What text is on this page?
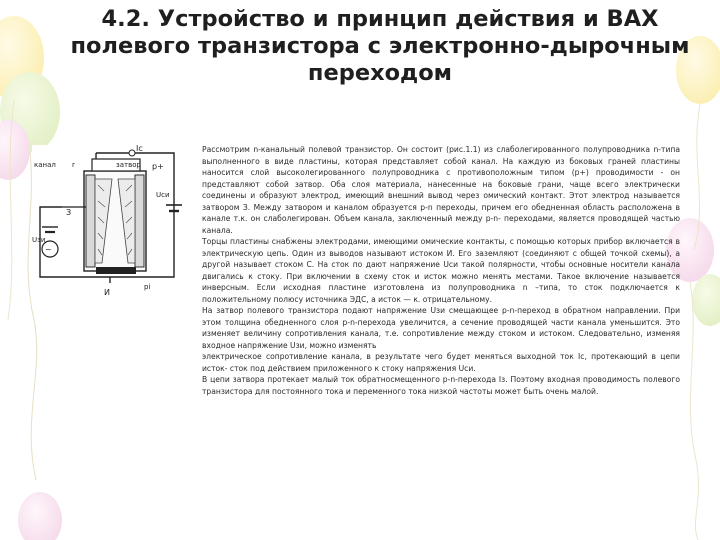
4.2. Устройство и принцип действия и ВАХ
полевого транзистора с электронно-дырочным
переходом
~
Ic
канал r	затвор p+
Uси
З
Uзи
И
рi

Рассмотрим n-канальный полевой транзистор. Он состоит (рис.1.1) из слаболегированного полупроводника n-типа выполненного в виде пластины, которая представляет собой канал. На каждую из боковых граней пластины наносится слой высоколегированного полупроводника с противоположным типом (p+) проводимости - он представляют собой затвор. Оба слоя материала, нанесенные на боковые грани, чаще всего электрически соединены и образуют электрод, имеющий внешний вывод через омический контакт. Этот электрод называется затвором З. Между затвором и каналом образуется p-n переходы, причем его обедненная область расположена в канале т.к. он слаболегирован. Объем канала, заключенный между p-n- переходами, является проводящей частью канала.

Торцы пластины снабжены электродами, имеющими омические контакты, с помощью которых прибор включается в электрическую цепь. Один из выводов называют истоком И. Его заземляют (соединяют с общей точкой схемы), а другой называет стоком С. На сток по дают напряжение Uси такой полярности, чтобы основные носители канала двигались к стоку. При включении в схему сток и исток можно менять местами. Такое включение называется инверсным. Если исходная пластине изготовлена из полупроводника n –типа, то сток подключается к положительному полюсу источника ЭДС, а исток — к. отрицательному.

На затвор полевого транзистора подают напряжение Uзи смещающее p-n-переход в обратном направлении. При этом толщина обедненного слоя p-n-перехода увеличится, а сечение проводящей части канала уменьшится. Это изменяет величину сопротивления канала, т.е. сопротивление между стоком и истоком. Следовательно, изменяя входное напряжение Uзи, можно изменять

электрическое сопротивление канала, в результате чего будет меняться выходной ток Ic, протекающий в цепи исток- сток под действием приложенного к стоку напряжения Uси.

В цепи затвора протекает малый ток обратносмещенного p-n-перехода Iз. Поэтому входная проводимость полевого транзистора для постоянного тока и переменного тока низкой частоты может быть очень малой.
